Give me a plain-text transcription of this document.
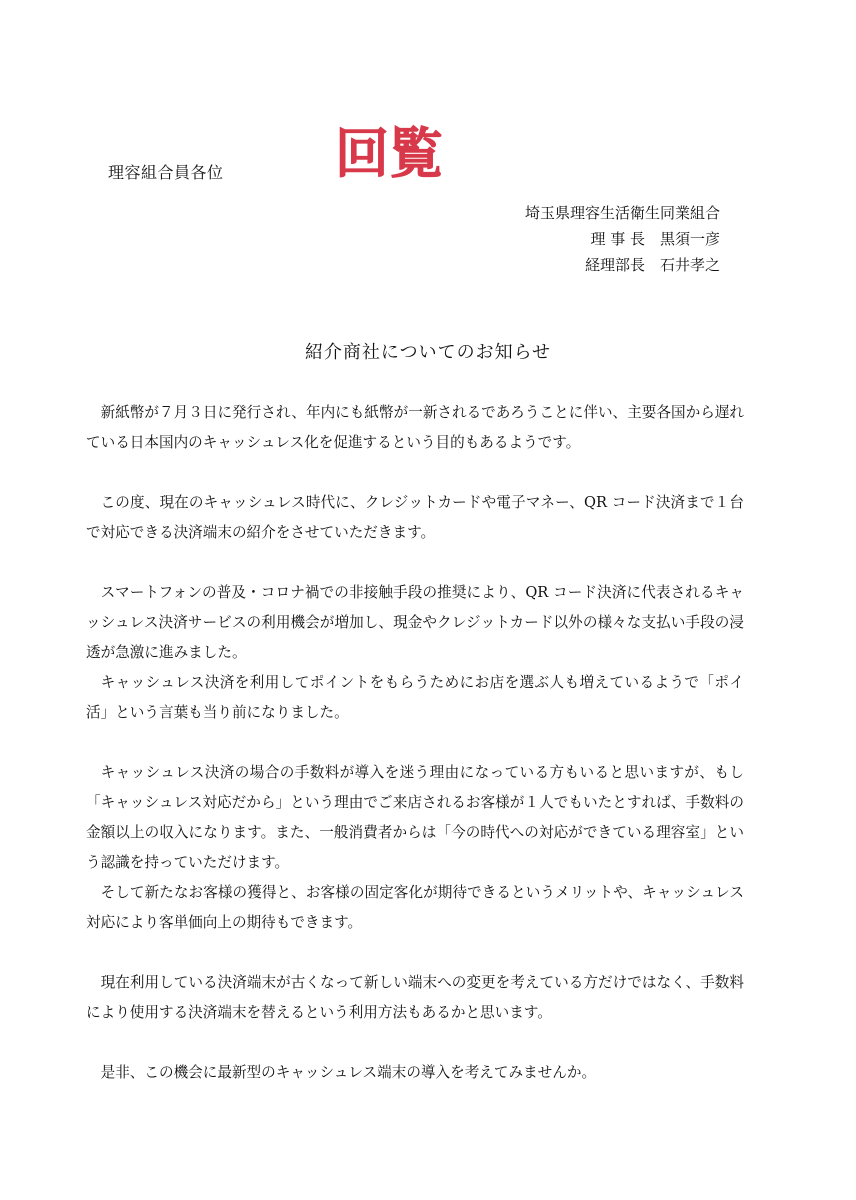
理容組合員各位 回覧
埼玉県理容生活衛生同業組合
理 事 長　黒須一彦
経理部長　石井孝之
紹介商社についてのお知らせ

新紙幣が７月３日に発行され、年内にも紙幣が一新されるであろうことに伴い、主要各国から遅れている日本国内のキャッシュレス化を促進するという目的もあるようです。

この度、現在のキャッシュレス時代に、クレジットカードや電子マネー、QR コード決済まで１台で対応できる決済端末の紹介をさせていただきます。

スマートフォンの普及・コロナ禍での非接触手段の推奨により、QR コード決済に代表されるキャッシュレス決済サービスの利用機会が増加し、現金やクレジットカード以外の様々な支払い手段の浸透が急激に進みました。

キャッシュレス決済を利用してポイントをもらうためにお店を選ぶ人も増えているようで「ポイ活」という言葉も当り前になりました。

キャッシュレス決済の場合の手数料が導入を迷う理由になっている方もいると思いますが、もし「キャッシュレス対応だから」という理由でご来店されるお客様が１人でもいたとすれば、手数料の金額以上の収入になります。また、一般消費者からは「今の時代への対応ができている理容室」という認識を持っていただけます。

そして新たなお客様の獲得と、お客様の固定客化が期待できるというメリットや、キャッシュレス対応により客単価向上の期待もできます。

現在利用している決済端末が古くなって新しい端末への変更を考えている方だけではなく、手数料により使用する決済端末を替えるという利用方法もあるかと思います。

是非、この機会に最新型のキャッシュレス端末の導入を考えてみませんか。
